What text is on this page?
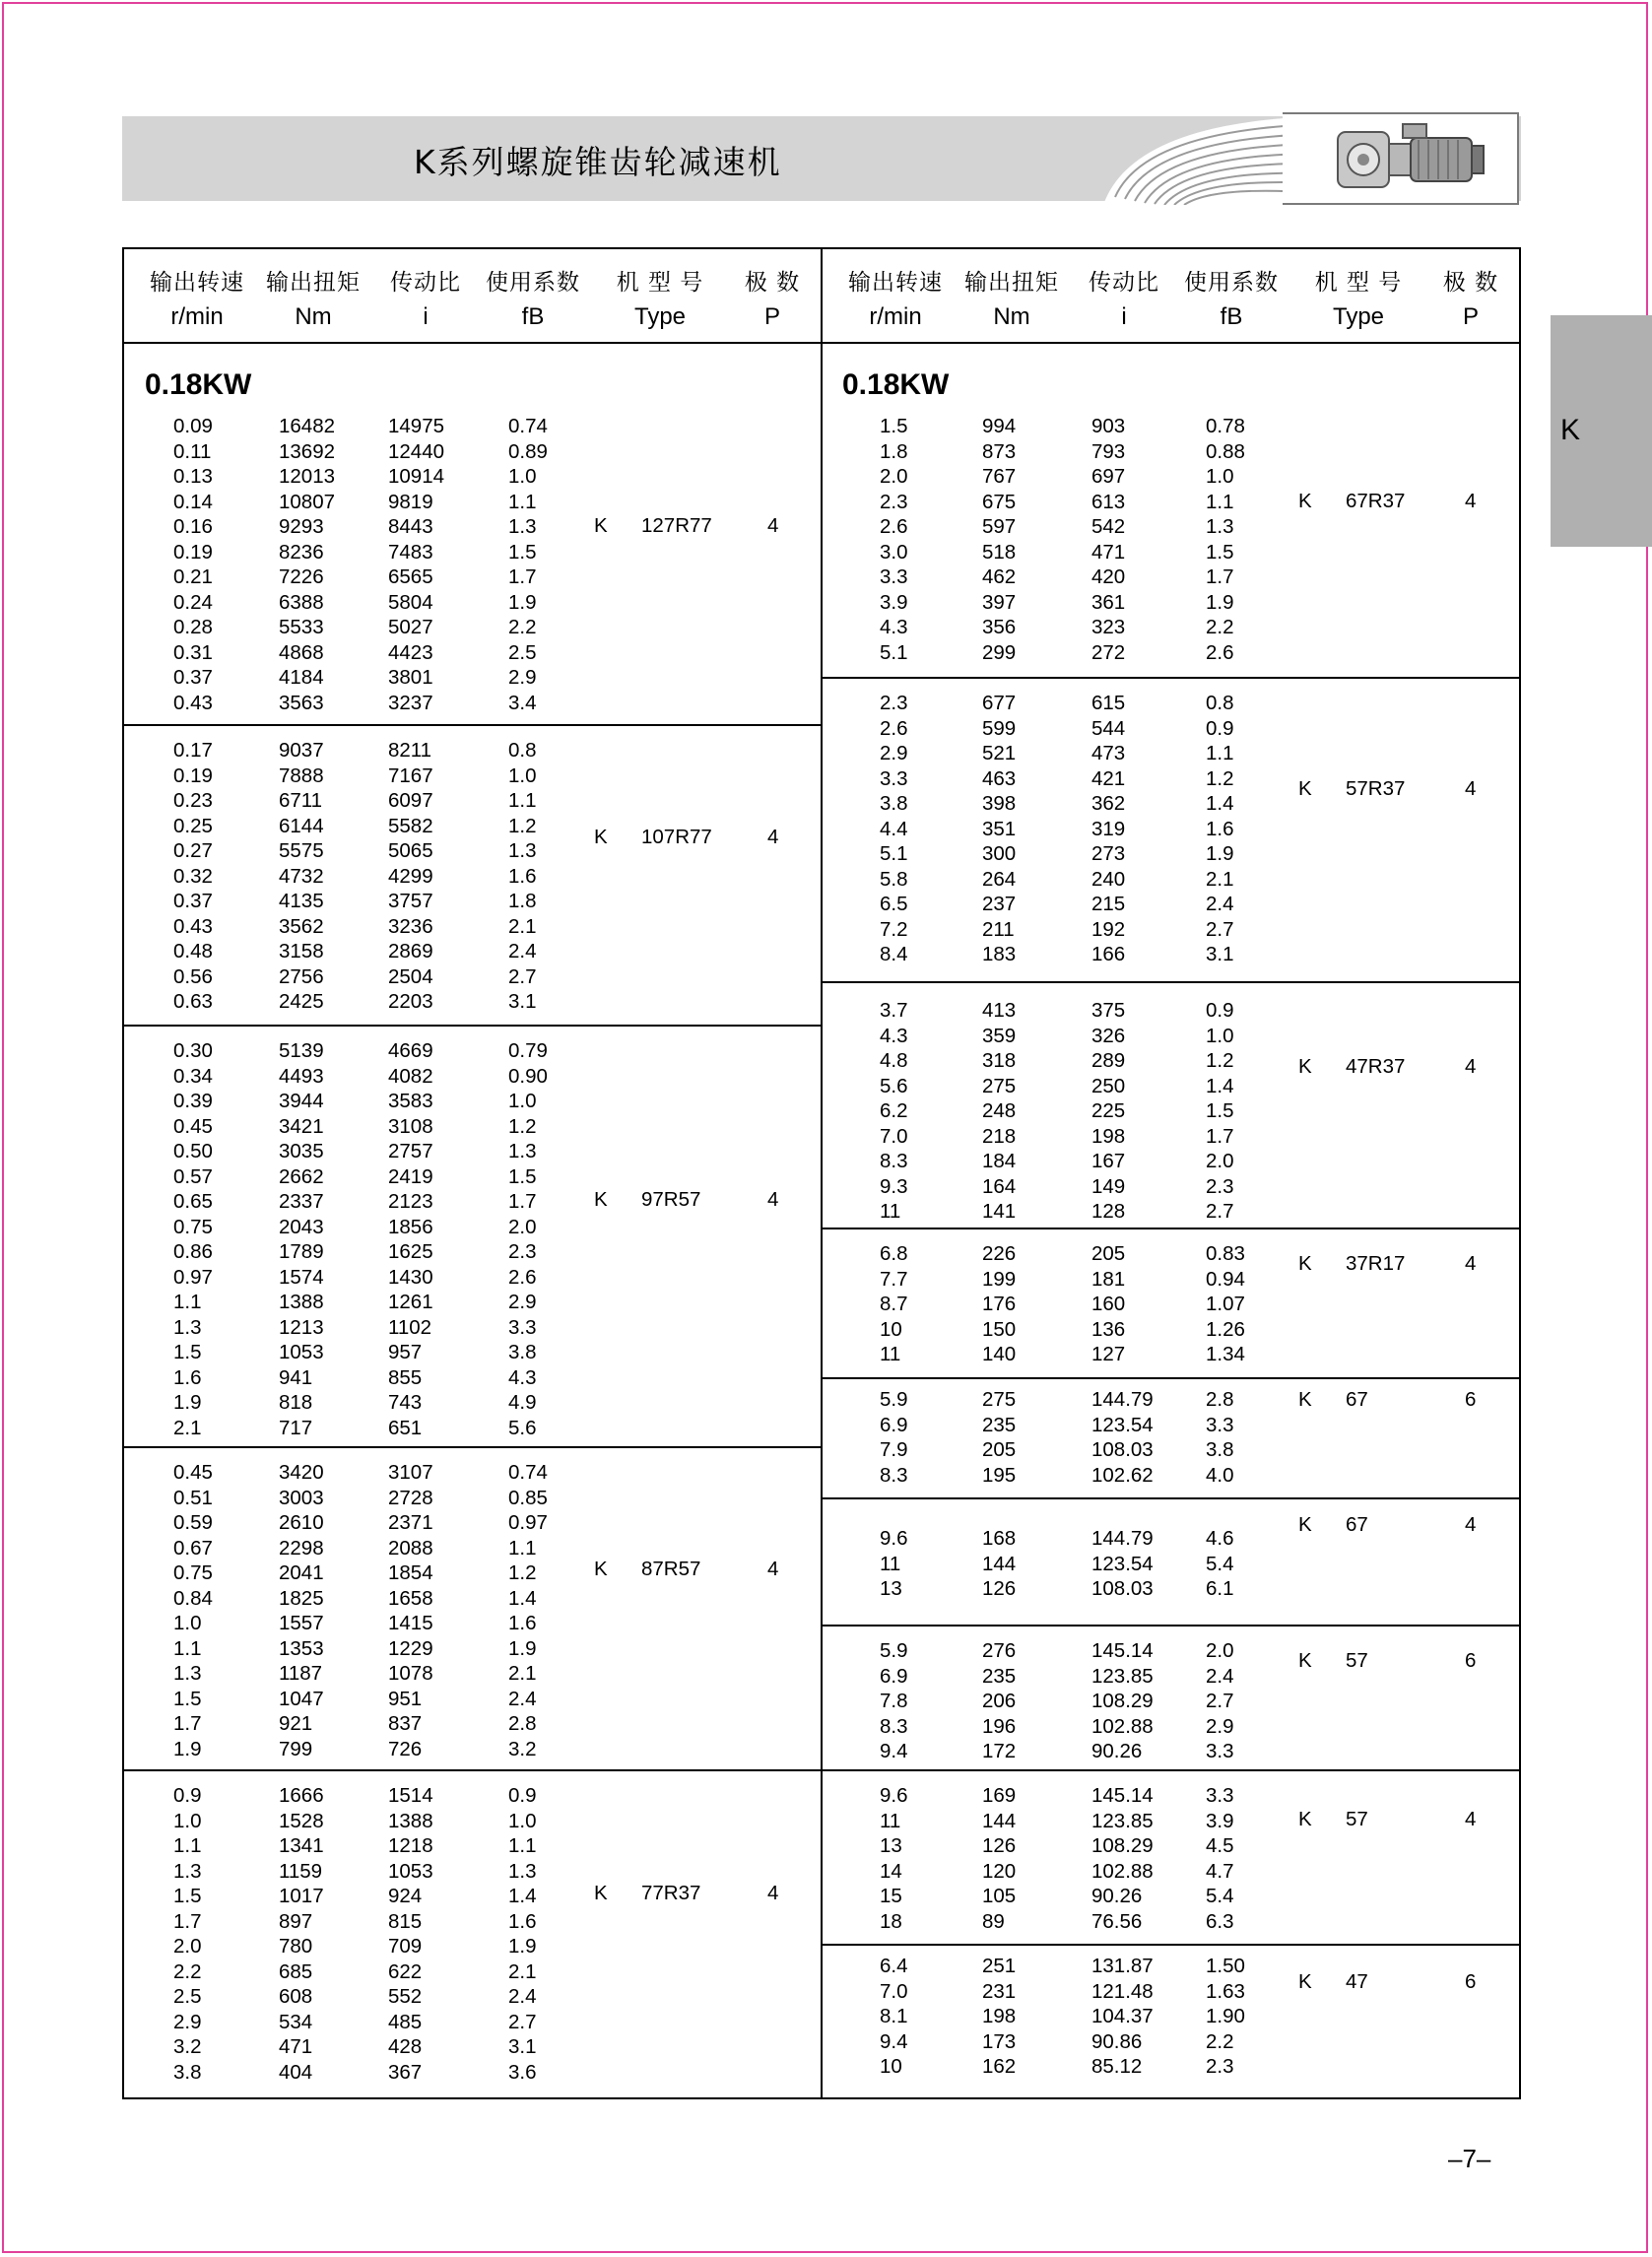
K系列螺旋锥齿轮减速机
K
输出转速 输出扭矩	传动比	使用系数	机 型 号	极 数
r/min	Nm	i	fB	Type	P
输出转速 输出扭矩	传动比	使用系数	机 型 号	极 数
r/min	Nm	i	fB	Type	P
0.18KW
0.09	16482	14975	0.74
0.11	13692	12440	0.89
0.13	12013	10914	1.0
0.14	10807	9819	1.1
0.16	9293	8443	1.3
0.19	8236	7483	1.5
0.21	7226	6565	1.7
0.24	6388	5804	1.9
0.28	5533	5027	2.2
0.31	4868	4423	2.5
0.37	4184	3801	2.9
0.43	3563	3237	3.4
K 127R77	4
0.17	9037	8211	0.8
0.19	7888	7167	1.0
0.23	6711	6097	1.1
0.25	6144	5582	1.2
0.27	5575	5065	1.3
0.32	4732	4299	1.6
0.37	4135	3757	1.8
0.43	3562	3236	2.1
0.48	3158	2869	2.4
0.56	2756	2504	2.7
0.63	2425	2203	3.1
K 107R77	4
0.30	5139	4669	0.79
0.34	4493	4082	0.90
0.39	3944	3583	1.0
0.45	3421	3108	1.2
0.50	3035	2757	1.3
0.57	2662	2419	1.5
0.65	2337	2123	1.7
0.75	2043	1856	2.0
0.86	1789	1625	2.3
0.97	1574	1430	2.6
1.1	1388	1261	2.9
1.3	1213	1102	3.3
1.5	1053	957	3.8
1.6	941	855	4.3
1.9	818	743	4.9
2.1	717	651	5.6
K 97R57	4
0.45	3420	3107	0.74
0.51	3003	2728	0.85
0.59	2610	2371	0.97
0.67	2298	2088	1.1
0.75	2041	1854	1.2
0.84	1825	1658	1.4
1.0	1557	1415	1.6
1.1	1353	1229	1.9
1.3	1187	1078	2.1
1.5	1047	951	2.4
1.7	921	837	2.8
1.9	799	726	3.2
K 87R57	4
0.9	1666	1514	0.9
1.0	1528	1388	1.0
1.1	1341	1218	1.1
1.3	1159	1053	1.3
1.5	1017	924	1.4
1.7	897	815	1.6
2.0	780	709	1.9
2.2	685	622	2.1
2.5	608	552	2.4
2.9	534	485	2.7
3.2	471	428	3.1
3.8	404	367	3.6
K 77R37	4
0.18KW
1.5	994	903	0.78
1.8	873	793	0.88
2.0	767	697	1.0
2.3	675	613	1.1
2.6	597	542	1.3
3.0	518	471	1.5
3.3	462	420	1.7
3.9	397	361	1.9
4.3	356	323	2.2
5.1	299	272	2.6
K 67R37	4
2.3	677	615	0.8
2.6	599	544	0.9
2.9	521	473	1.1
3.3	463	421	1.2
3.8	398	362	1.4
4.4	351	319	1.6
5.1	300	273	1.9
5.8	264	240	2.1
6.5	237	215	2.4
7.2	211	192	2.7
8.4	183	166	3.1
K 57R37	4
3.7	413	375	0.9
4.3	359	326	1.0
4.8	318	289	1.2
5.6	275	250	1.4
6.2	248	225	1.5
7.0	218	198	1.7
8.3	184	167	2.0
9.3	164	149	2.3
11	141	128	2.7
K 47R37	4
6.8	226	205	0.83
7.7	199	181	0.94
8.7	176	160	1.07
10	150	136	1.26
11	140	127	1.34
K 37R17	4
5.9	275	144.79	2.8
6.9	235	123.54	3.3
7.9	205	108.03	3.8
8.3	195	102.62	4.0
K 67	6
9.6	168	144.79	4.6
11	144	123.54	5.4
13	126	108.03	6.1
K 67	4
5.9	276	145.14	2.0
6.9	235	123.85	2.4
7.8	206	108.29	2.7
8.3	196	102.88	2.9
9.4	172	90.26	3.3
K 57	6
9.6	169	145.14	3.3
11	144	123.85	3.9
13	126	108.29	4.5
14	120	102.88	4.7
15	105	90.26	5.4
18	89	76.56	6.3
K 57	4
6.4	251	131.87	1.50
7.0	231	121.48	1.63
8.1	198	104.37	1.90
9.4	173	90.86	2.2
10	162	85.12	2.3
K 47	6
–7–
